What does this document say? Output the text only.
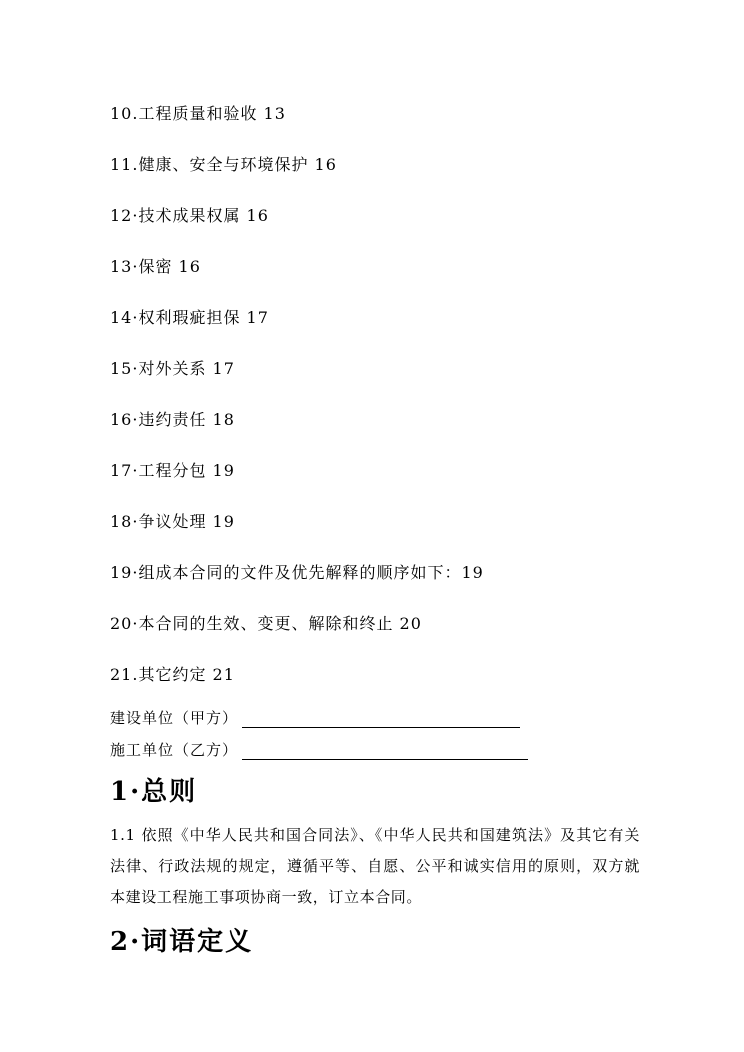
10.工程质量和验收 13
11.健康、安全与环境保护 16
12·技术成果权属 16
13·保密 16
14·权利瑕疵担保 17
15·对外关系 17
16·违约责任 18
17·工程分包 19
18·争议处理 19
19·组成本合同的文件及优先解释的顺序如下：19
20·本合同的生效、变更、解除和终止 20
21.其它约定 21
建设单位（甲方）
施工单位（乙方）
1·总则
1.1 依照《中华人民共和国合同法》、《中华人民共和国建筑法》及其它有关法律、行政法规的规定，遵循平等、自愿、公平和诚实信用的原则，双方就本建设工程施工事项协商一致，订立本合同。
2·词语定义
